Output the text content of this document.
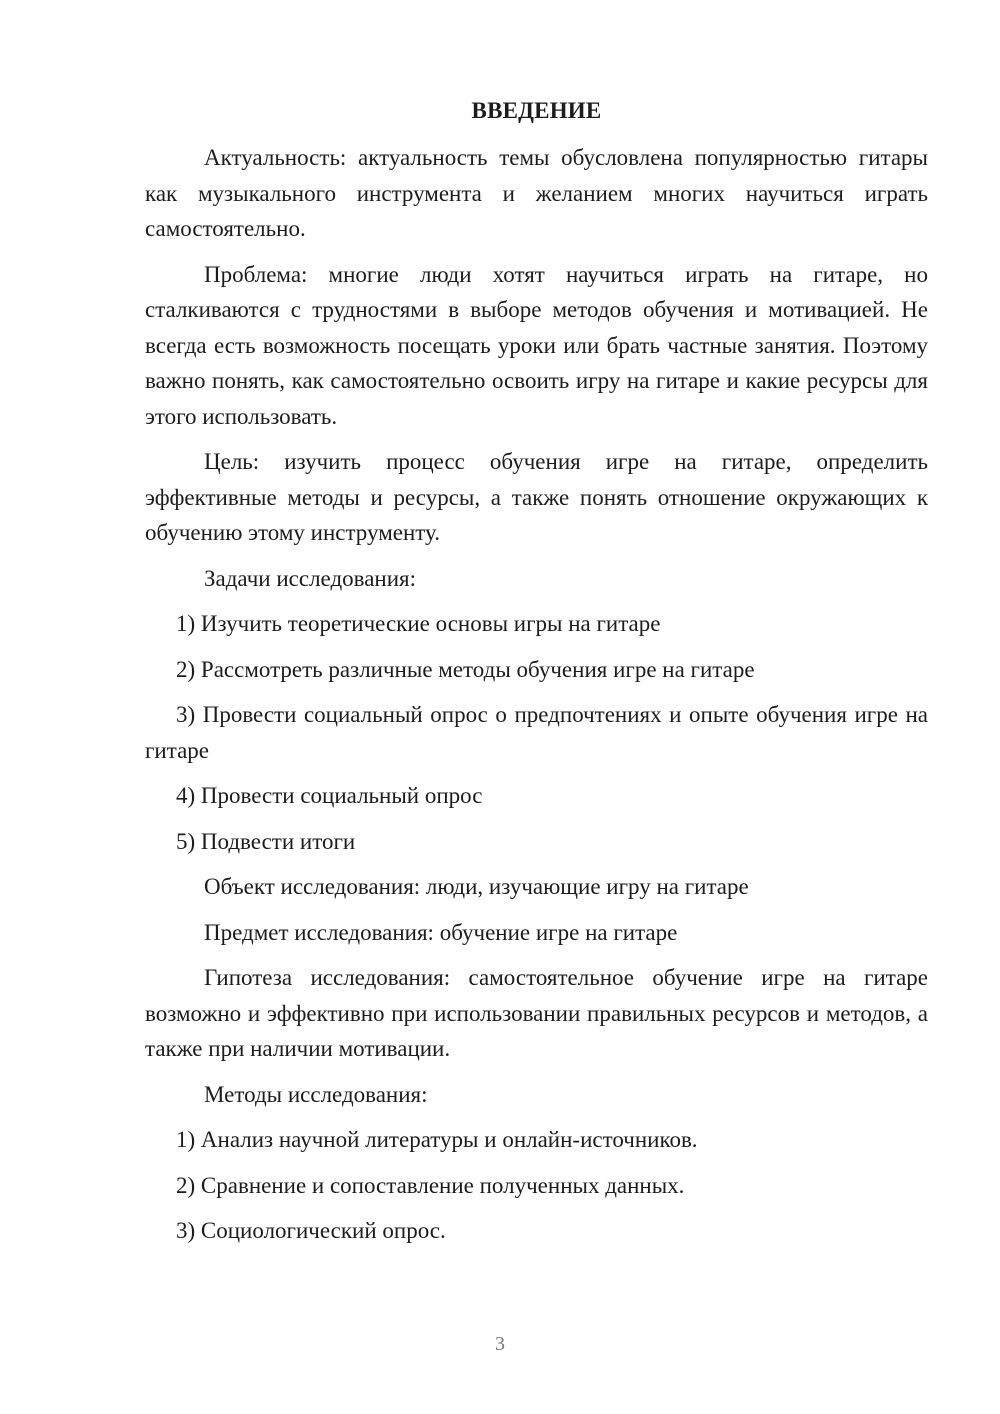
ВВЕДЕНИЕ

Актуальность: актуальность темы обусловлена популярностью гитары как музыкального инструмента и желанием многих научиться играть самостоятельно.

Проблема: многие люди хотят научиться играть на гитаре, но сталкиваются с трудностями в выборе методов обучения и мотивацией. Не всегда есть возможность посещать уроки или брать частные занятия. Поэтому важно понять, как самостоятельно освоить игру на гитаре и какие ресурсы для этого использовать.

Цель: изучить процесс обучения игре на гитаре, определить эффективные методы и ресурсы, а также понять отношение окружающих к обучению этому инструменту.

Задачи исследования:

1) Изучить теоретические основы игры на гитаре

2) Рассмотреть различные методы обучения игре на гитаре

3) Провести социальный опрос о предпочтениях и опыте обучения игре на гитаре

4) Провести социальный опрос

5) Подвести итоги

Объект исследования: люди, изучающие игру на гитаре

Предмет исследования: обучение игре на гитаре

Гипотеза исследования: самостоятельное обучение игре на гитаре возможно и эффективно при использовании правильных ресурсов и методов, а также при наличии мотивации.

Методы исследования:

1) Анализ научной литературы и онлайн-источников.

2) Сравнение и сопоставление полученных данных.

3) Социологический опрос.

3
